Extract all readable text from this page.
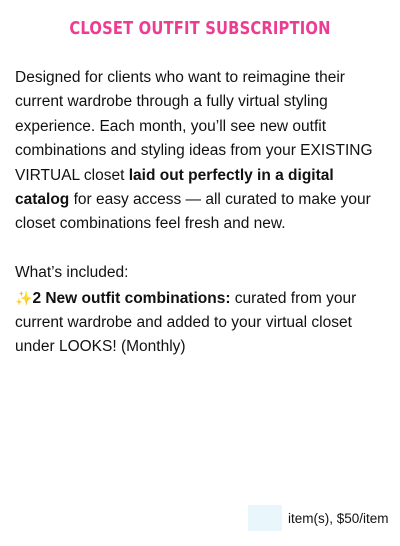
CLOSET OUTFIT SUBSCRIPTION

Designed for clients who want to reimagine their current wardrobe through a fully virtual styling experience. Each month, you’ll see new outfit combinations and styling ideas from your EXISTING VIRTUAL closet laid out perfectly in a digital catalog for easy access — all curated to make your closet combinations feel fresh and new.

What’s included:

✨2 New outfit combinations: curated from your current wardrobe and added to your virtual closet under LOOKS! (Monthly)

item(s), $50/item
